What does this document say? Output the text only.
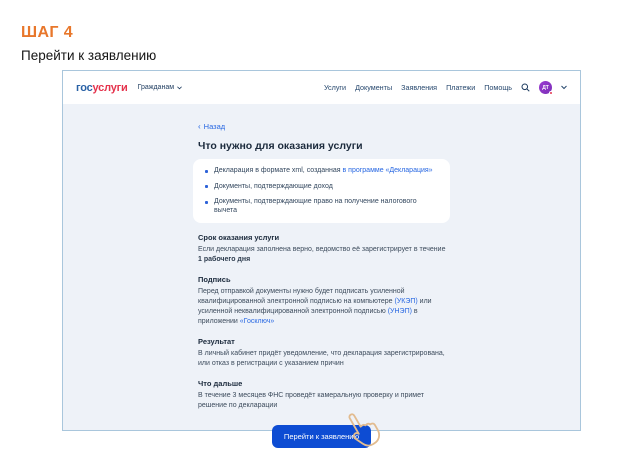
ШАГ 4
Перейти к заявлению
госуслуги Гражданам	Услуги Документы Заявления Платежи Помощь	ДТ
‹ Назад
Что нужно для оказания услуги
Декларация в формате xml, созданная в программе «Декларация»
Документы, подтверждающие доход
Документы, подтверждающие право на получение налогового вычета
Срок оказания услуги

Если декларация заполнена верно, ведомство её зарегистрирует в течение 1 рабочего дня

Подпись

Перед отправкой документы нужно будет подписать усиленной квалифицированной электронной подписью на компьютере (УКЭП) или усиленной неквалифицированной электронной подписью (УНЭП) в приложении «Госключ»

Результат

В личный кабинет придёт уведомление, что декларация зарегистрирована, или отказ в регистрации с указанием причин

Что дальше

В течение 3 месяцев ФНС проведёт камеральную проверку и примет решение по декларации

Перейти к заявлению
